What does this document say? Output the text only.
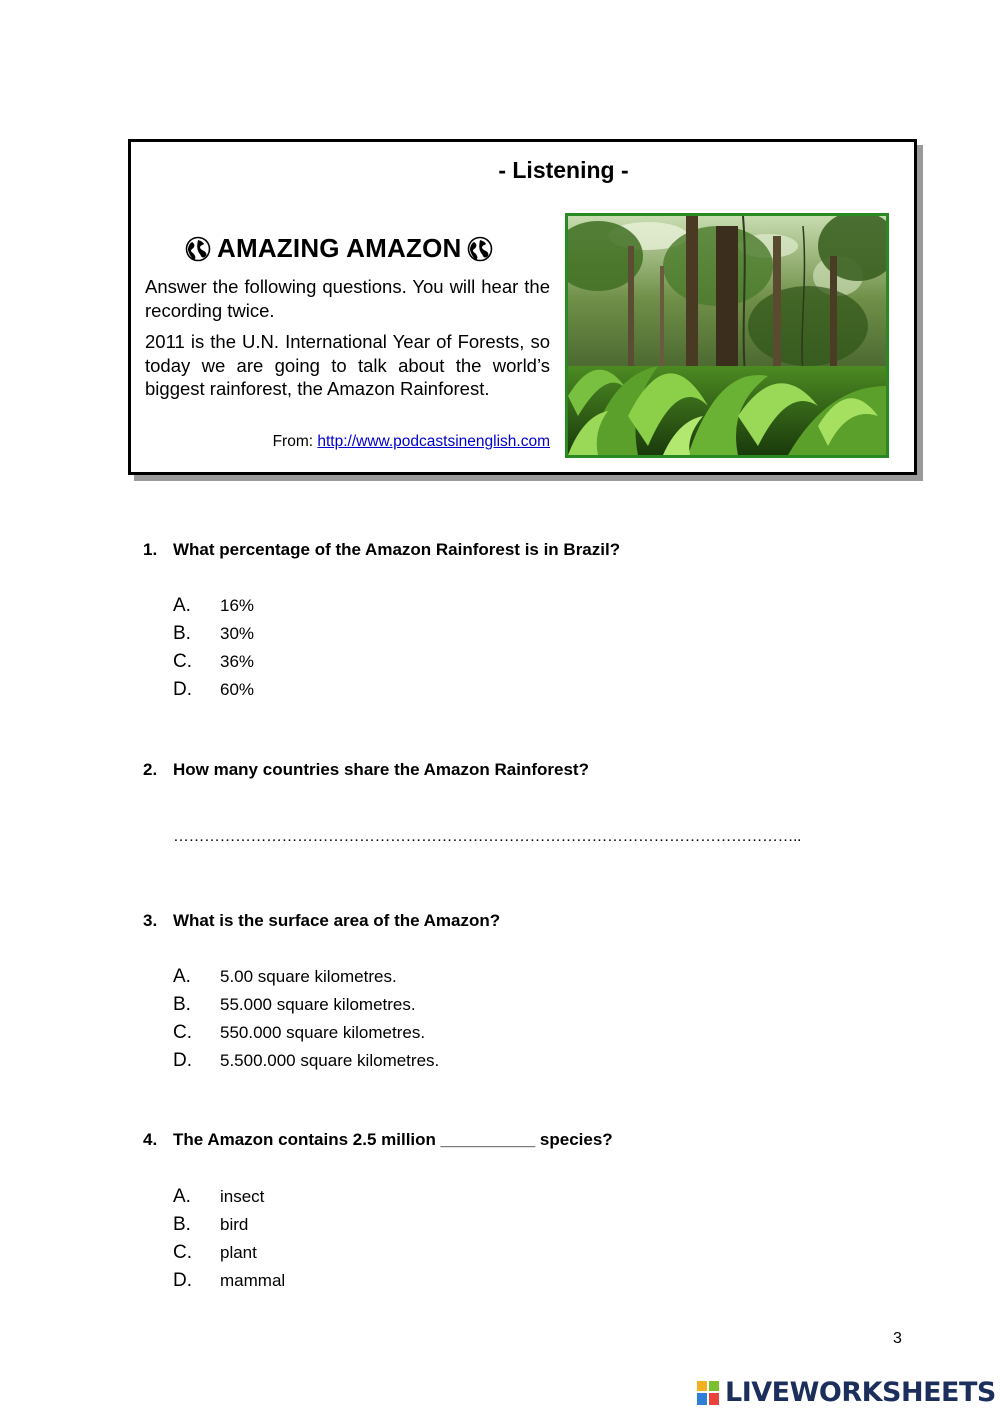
- Listening -
AMAZING AMAZON

Answer the following questions. You will hear the recording twice.

2011 is the U.N. International Year of Forests, so today we are going to talk about the world’s biggest rainforest, the Amazon Rainforest.

From: http://www.podcastsinenglish.com
1. What percentage of the Amazon Rainforest is in Brazil?
A.	16%
B.	30%
C.	36%
D.	60%
2. How many countries share the Amazon Rainforest?
…………………………………………………………………………………………………………..
3. What is the surface area of the Amazon?
A.	5.00 square kilometres.
B.	55.000 square kilometres.
C.	550.000 square kilometres.
D.	5.500.000 square kilometres.
4. The Amazon contains 2.5 million __________ species?
A.	insect
B.	bird
C.	plant
D.	mammal
3
LIVEWORKSHEETS
